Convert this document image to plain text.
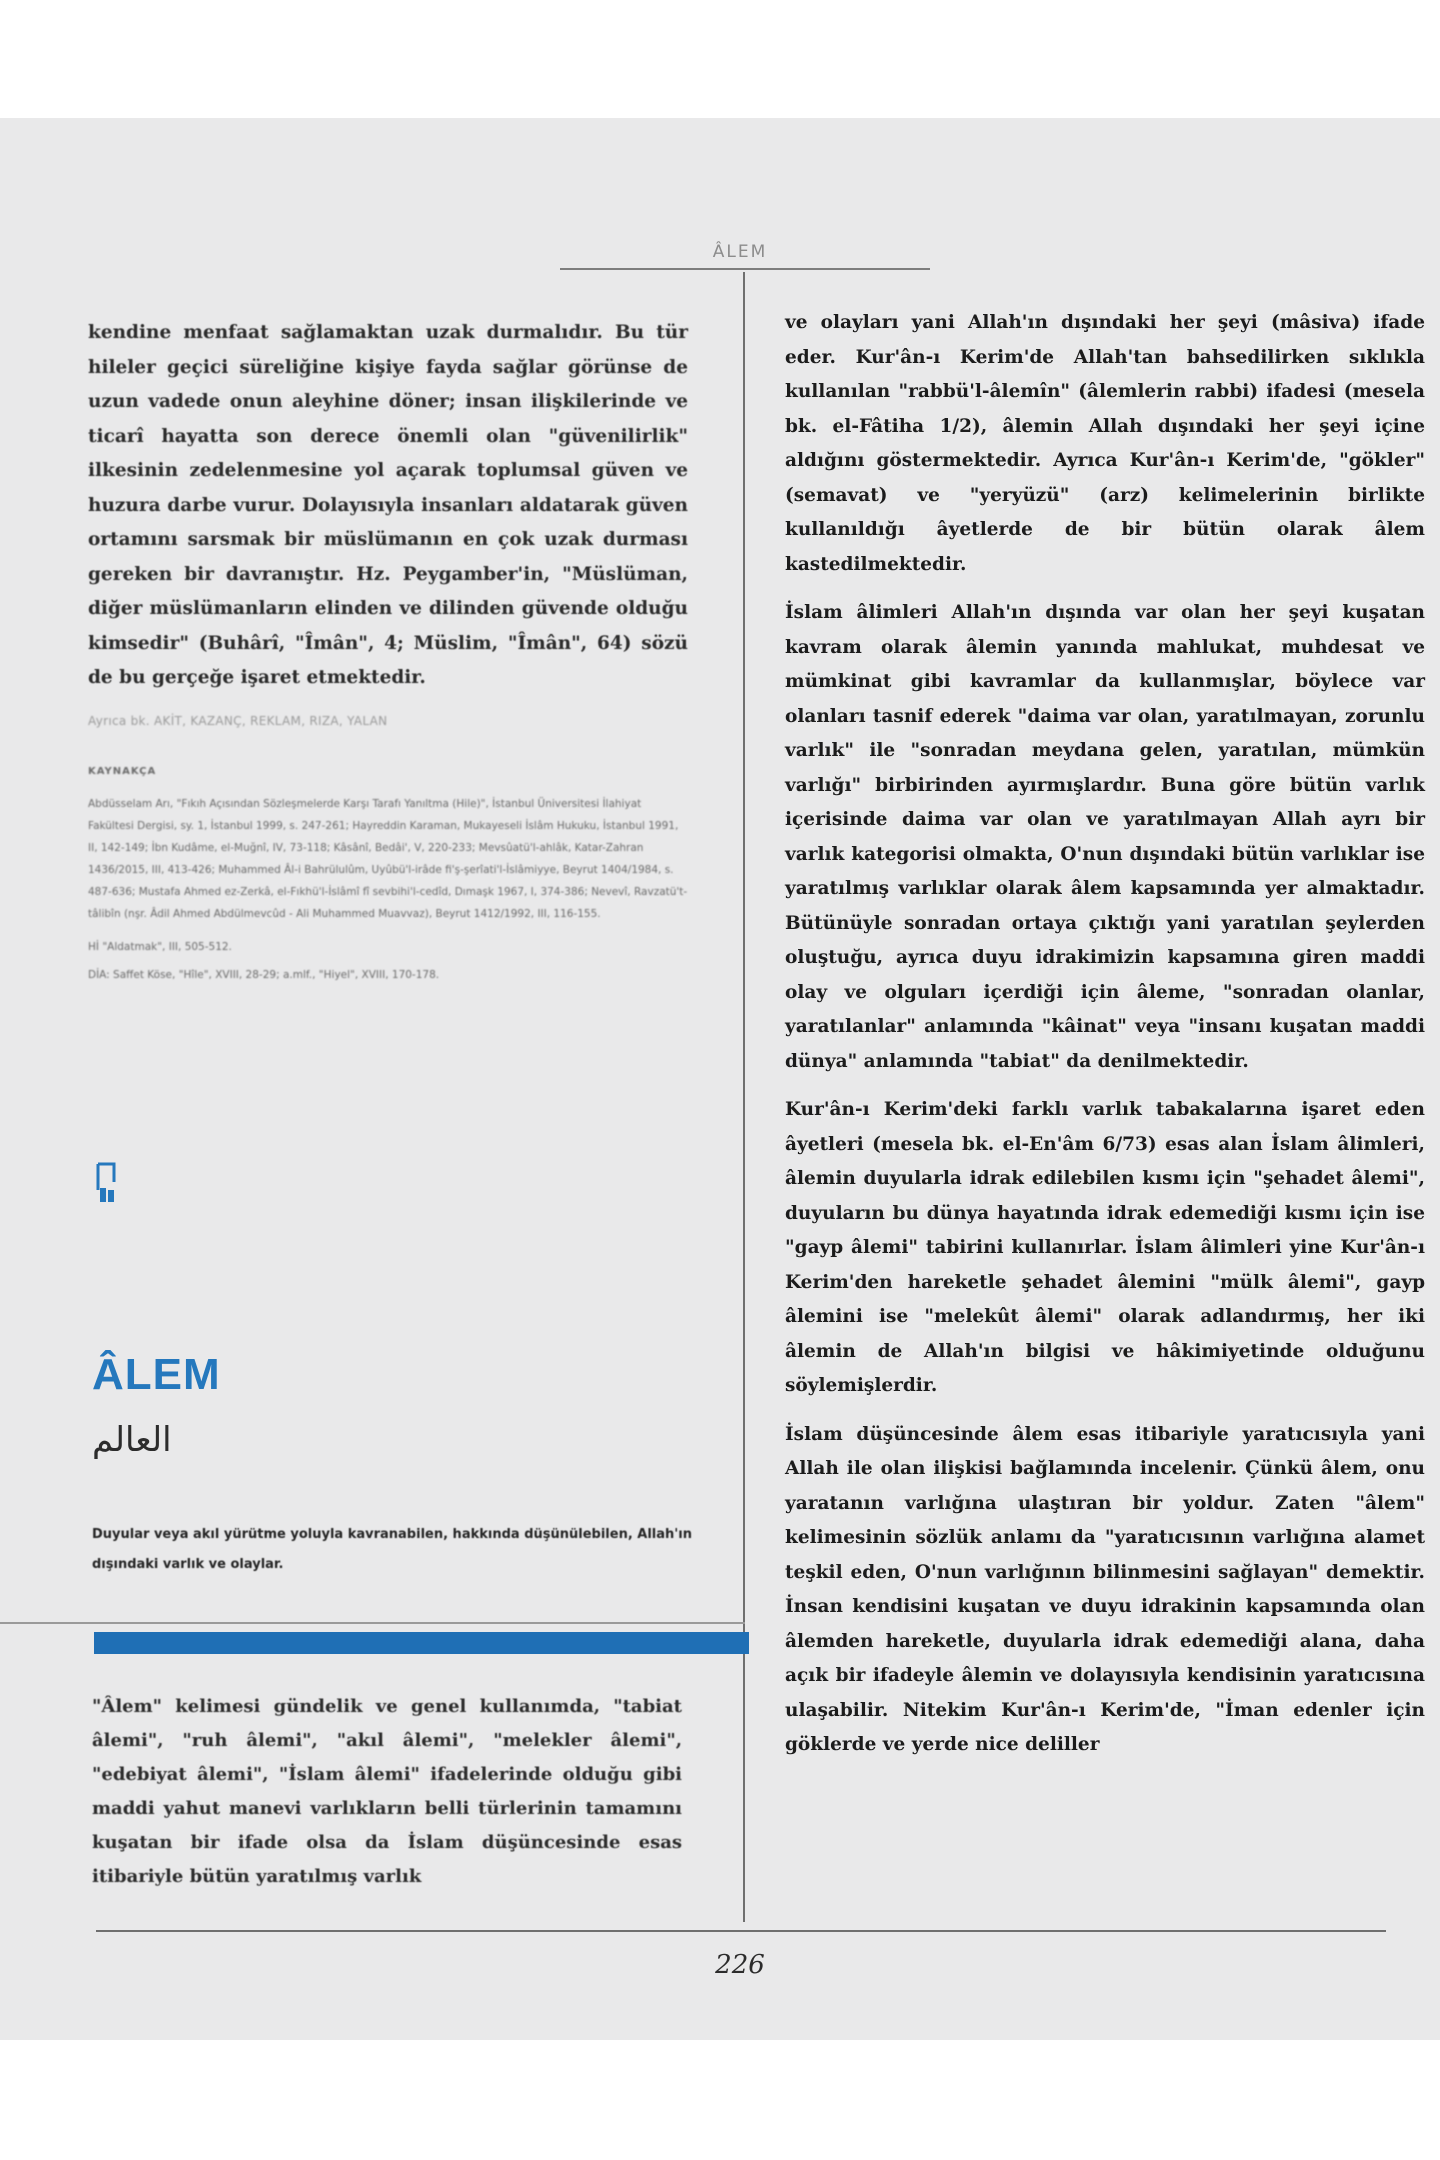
ÂLEM

kendine menfaat sağlamaktan uzak durmalıdır. Bu tür hileler geçici süreliğine kişiye fayda sağlar görünse de uzun vadede onun aleyhine döner; insan ilişkilerinde ve ticarî hayatta son derece önemli olan "güvenilirlik" ilkesinin zedelenmesine yol açarak toplumsal güven ve huzura darbe vurur. Dolayısıyla insanları aldatarak güven ortamını sarsmak bir müslümanın en çok uzak durması gereken bir davranıştır. Hz. Peygamber'in, "Müslüman, diğer müslümanların elinden ve dilinden güvende olduğu kimsedir" (Buhârî, "Îmân", 4; Müslim, "Îmân", 64) sözü de bu gerçeğe işaret etmektedir.

Ayrıca bk. AKİT, KAZANÇ, REKLAM, RIZA, YALAN

KAYNAKÇA

Abdüsselam Arı, "Fıkıh Açısından Sözleşmelerde Karşı Tarafı Yanıltma (Hile)", İstanbul Üniversitesi İlahiyat Fakültesi Dergisi, sy. 1, İstanbul 1999, s. 247-261; Hayreddin Karaman, Mukayeseli İslâm Hukuku, İstanbul 1991, II, 142-149; İbn Kudâme, el-Muğnî, IV, 73-118; Kâsânî, Bedâi', V, 220-233; Mevsûatü'l-ahlâk, Katar-Zahran 1436/2015, III, 413-426; Muhammed Âl-i Bahrülulûm, Uyûbü'l-irâde fi'ş-şerîati'l-İslâmiyye, Beyrut 1404/1984, s. 487-636; Mustafa Ahmed ez-Zerkâ, el-Fıkhü'l-İslâmî fî sevbihi'l-cedîd, Dımaşk 1967, I, 374-386; Nevevî, Ravzatü't-tâlibîn (nşr. Âdil Ahmed Abdülmevcûd - Ali Muhammed Muavvaz), Beyrut 1412/1992, III, 116-155.

Hİ "Aldatmak", III, 505-512.

DİA: Saffet Köse, "Hîle", XVIII, 28-29; a.mlf., "Hiyel", XVIII, 170-178.

ÂLEM

العالم

Duyular veya akıl yürütme yoluyla kavranabilen, hakkında düşünülebilen, Allah'ın dışındaki varlık ve olaylar.

"Âlem" kelimesi gündelik ve genel kullanımda, "tabiat âlemi", "ruh âlemi", "akıl âlemi", "melekler âlemi", "edebiyat âlemi", "İslam âlemi" ifadelerinde olduğu gibi maddi yahut manevi varlıkların belli türlerinin tamamını kuşatan bir ifade olsa da İslam düşüncesinde esas itibariyle bütün yaratılmış varlık

ve olayları yani Allah'ın dışındaki her şeyi (mâsiva) ifade eder. Kur'ân-ı Kerim'de Allah'tan bahsedilirken sıklıkla kullanılan "rabbü'l-âlemîn" (âlemlerin rabbi) ifadesi (mesela bk. el-Fâtiha 1/2), âlemin Allah dışındaki her şeyi içine aldığını göstermektedir. Ayrıca Kur'ân-ı Kerim'de, "gökler" (semavat) ve "yeryüzü" (arz) kelimelerinin birlikte kullanıldığı âyetlerde de bir bütün olarak âlem kastedilmektedir.

İslam âlimleri Allah'ın dışında var olan her şeyi kuşatan kavram olarak âlemin yanında mahlukat, muhdesat ve mümkinat gibi kavramlar da kullanmışlar, böylece var olanları tasnif ederek "daima var olan, yaratılmayan, zorunlu varlık" ile "sonradan meydana gelen, yaratılan, mümkün varlığı" birbirinden ayırmışlardır. Buna göre bütün varlık içerisinde daima var olan ve yaratılmayan Allah ayrı bir varlık kategorisi olmakta, O'nun dışındaki bütün varlıklar ise yaratılmış varlıklar olarak âlem kapsamında yer almaktadır. Bütünüyle sonradan ortaya çıktığı yani yaratılan şeylerden oluştuğu, ayrıca duyu idrakimizin kapsamına giren maddi olay ve olguları içerdiği için âleme, "sonradan olanlar, yaratılanlar" anlamında "kâinat" veya "insanı kuşatan maddi dünya" anlamında "tabiat" da denilmektedir.

Kur'ân-ı Kerim'deki farklı varlık tabakalarına işaret eden âyetleri (mesela bk. el-En'âm 6/73) esas alan İslam âlimleri, âlemin duyularla idrak edilebilen kısmı için "şehadet âlemi", duyuların bu dünya hayatında idrak edemediği kısmı için ise "gayp âlemi" tabirini kullanırlar. İslam âlimleri yine Kur'ân-ı Kerim'den hareketle şehadet âlemini "mülk âlemi", gayp âlemini ise "melekût âlemi" olarak adlandırmış, her iki âlemin de Allah'ın bilgisi ve hâkimiyetinde olduğunu söylemişlerdir.

İslam düşüncesinde âlem esas itibariyle yaratıcısıyla yani Allah ile olan ilişkisi bağlamında incelenir. Çünkü âlem, onu yaratanın varlığına ulaştıran bir yoldur. Zaten "âlem" kelimesinin sözlük anlamı da "yaratıcısının varlığına alamet teşkil eden, O'nun varlığının bilinmesini sağlayan" demektir. İnsan kendisini kuşatan ve duyu idrakinin kapsamında olan âlemden hareketle, duyularla idrak edemediği alana, daha açık bir ifadeyle âlemin ve dolayısıyla kendisinin yaratıcısına ulaşabilir. Nitekim Kur'ân-ı Kerim'de, "İman edenler için göklerde ve yerde nice deliller

226
